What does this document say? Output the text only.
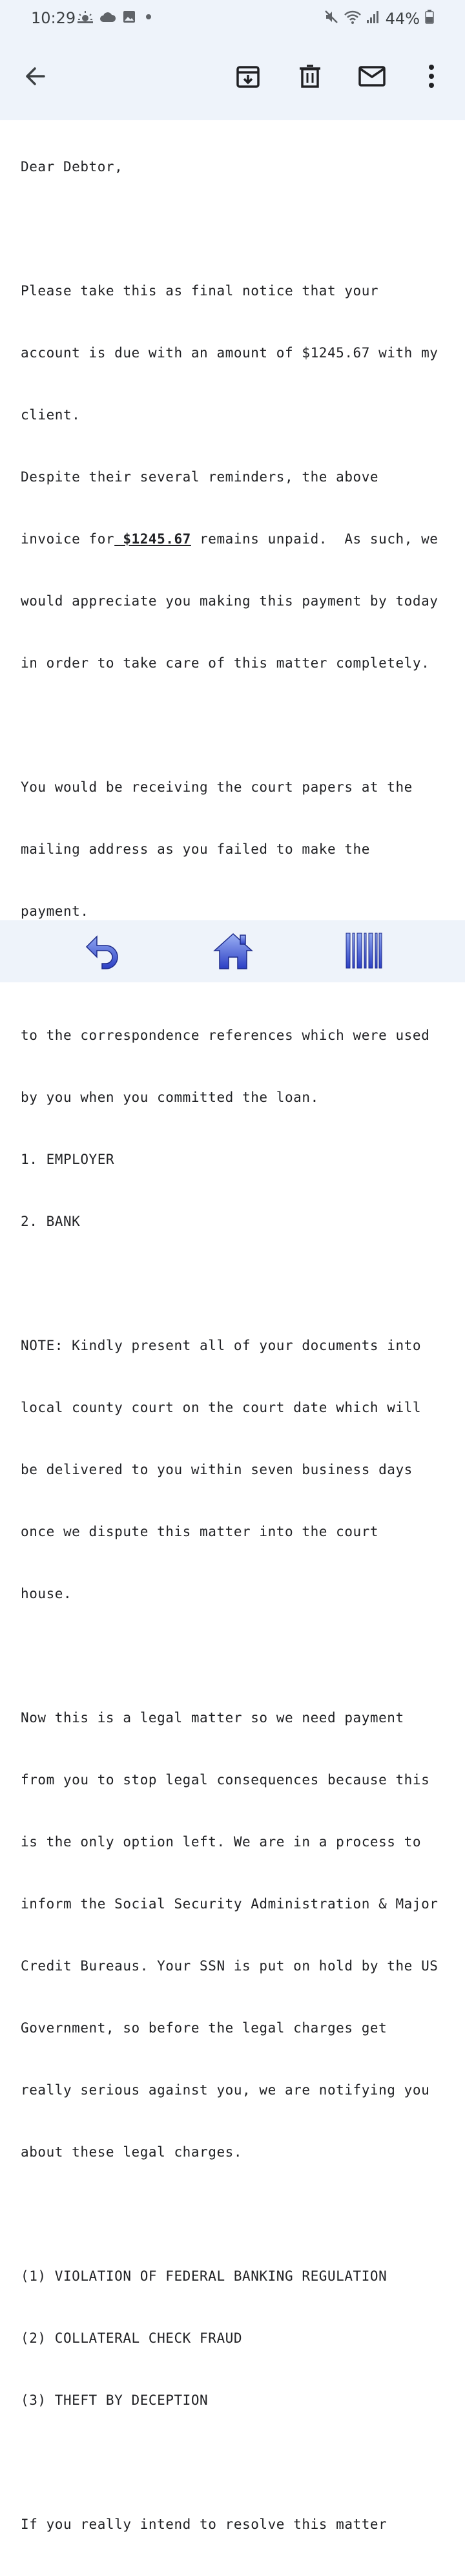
10:29	44%

Dear Debtor,

Please take this as final notice that your

account is due with an amount of $1245.67 with my

client.

Despite their several reminders, the above

invoice for $1245.67 remains unpaid.  As such, we

would appreciate you making this payment by today

in order to take care of this matter completely.

You would be receiving the court papers at the

mailing address as you failed to make the

payment.

to the correspondence references which were used

by you when you committed the loan.

1. EMPLOYER

2. BANK

NOTE: Kindly present all of your documents into

local county court on the court date which will

be delivered to you within seven business days

once we dispute this matter into the court

house.

Now this is a legal matter so we need payment

from you to stop legal consequences because this

is the only option left. We are in a process to

inform the Social Security Administration & Major

Credit Bureaus. Your SSN is put on hold by the US

Government, so before the legal charges get

really serious against you, we are notifying you

about these legal charges.

(1) VIOLATION OF FEDERAL BANKING REGULATION

(2) COLLATERAL CHECK FRAUD

(3) THEFT BY DECEPTION

If you really intend to resolve this matter
